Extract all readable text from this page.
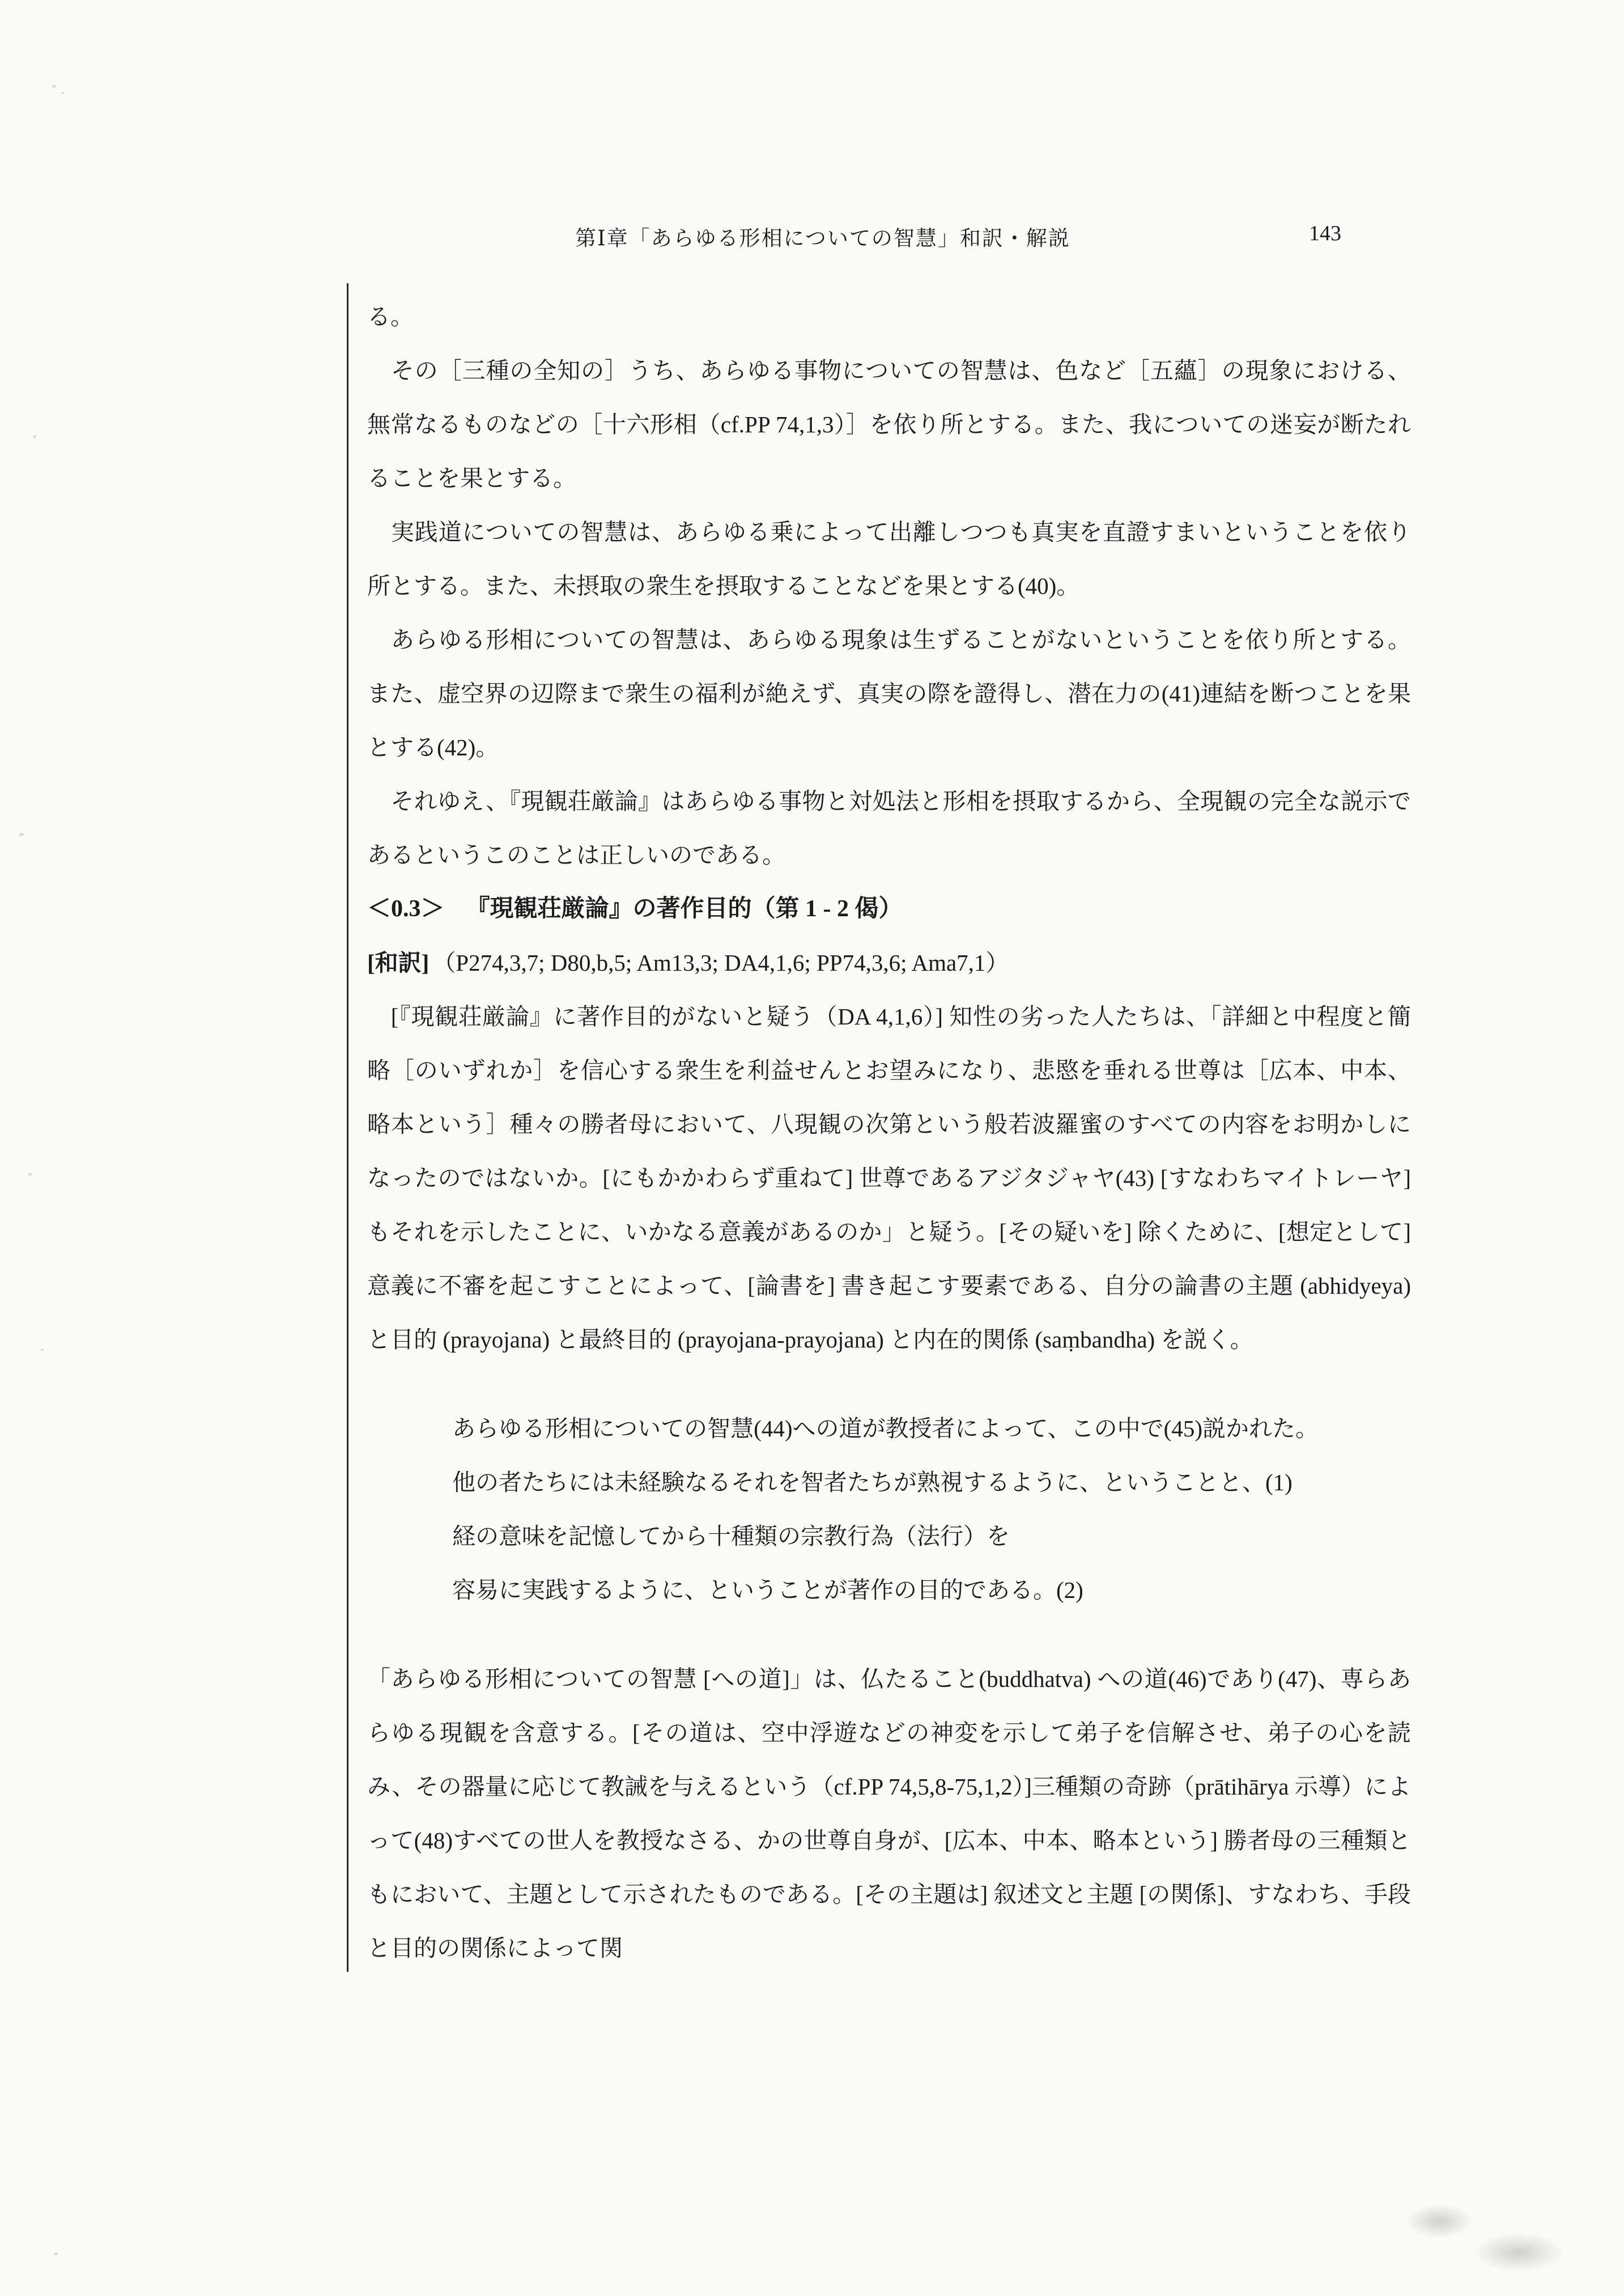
第Ⅰ章「あらゆる形相についての智慧」和訳・解説	143

る。

　その［三種の全知の］うち、あらゆる事物についての智慧は、色など［五蘊］の現象における、無常なるものなどの［十六形相（cf.PP 74,1,3）］を依り所とする。また、我についての迷妄が断たれることを果とする。

　実践道についての智慧は、あらゆる乗によって出離しつつも真実を直證すまいということを依り所とする。また、未摂取の衆生を摂取することなどを果とする(40)。

　あらゆる形相についての智慧は、あらゆる現象は生ずることがないということを依り所とする。また、虚空界の辺際まで衆生の福利が絶えず、真実の際を證得し、潜在力の(41)連結を断つことを果とする(42)。

　それゆえ、『現観荘厳論』はあらゆる事物と対処法と形相を摂取するから、全現観の完全な説示であるというこのことは正しいのである。

＜0.3＞ 『現観荘厳論』の著作目的（第 1 - 2 偈）

[和訳] （P274,3,7; D80,b,5; Am13,3; DA4,1,6; PP74,3,6; Ama7,1）

　[『現観荘厳論』に著作目的がないと疑う（DA 4,1,6）] 知性の劣った人たちは、「詳細と中程度と簡略［のいずれか］を信心する衆生を利益せんとお望みになり、悲愍を垂れる世尊は［広本、中本、略本という］種々の勝者母において、八現観の次第という般若波羅蜜のすべての内容をお明かしになったのではないか。[にもかかわらず重ねて] 世尊であるアジタジャヤ(43) [すなわちマイトレーヤ] もそれを示したことに、いかなる意義があるのか」と疑う。[その疑いを] 除くために、[想定として] 意義に不審を起こすことによって、[論書を] 書き起こす要素である、自分の論書の主題 (abhidyeya) と目的 (prayojana) と最終目的 (prayojana-prayojana) と内在的関係 (saṃbandha) を説く。

あらゆる形相についての智慧(44)への道が教授者によって、この中で(45)説かれた。
他の者たちには未経験なるそれを智者たちが熟視するように、ということと、(1)
経の意味を記憶してから十種類の宗教行為（法行）を
容易に実践するように、ということが著作の目的である。(2)

「あらゆる形相についての智慧 [への道]」は、仏たること(buddhatva) への道(46)であり(47)、専らあらゆる現観を含意する。[その道は、空中浮遊などの神変を示して弟子を信解させ、弟子の心を読み、その器量に応じて教誡を与えるという（cf.PP 74,5,8-75,1,2）]三種類の奇跡（prātihārya 示導）によって(48)すべての世人を教授なさる、かの世尊自身が、[広本、中本、略本という] 勝者母の三種類ともにおいて、主題として示されたものである。[その主題は] 叙述文と主題 [の関係]、すなわち、手段と目的の関係によって関
